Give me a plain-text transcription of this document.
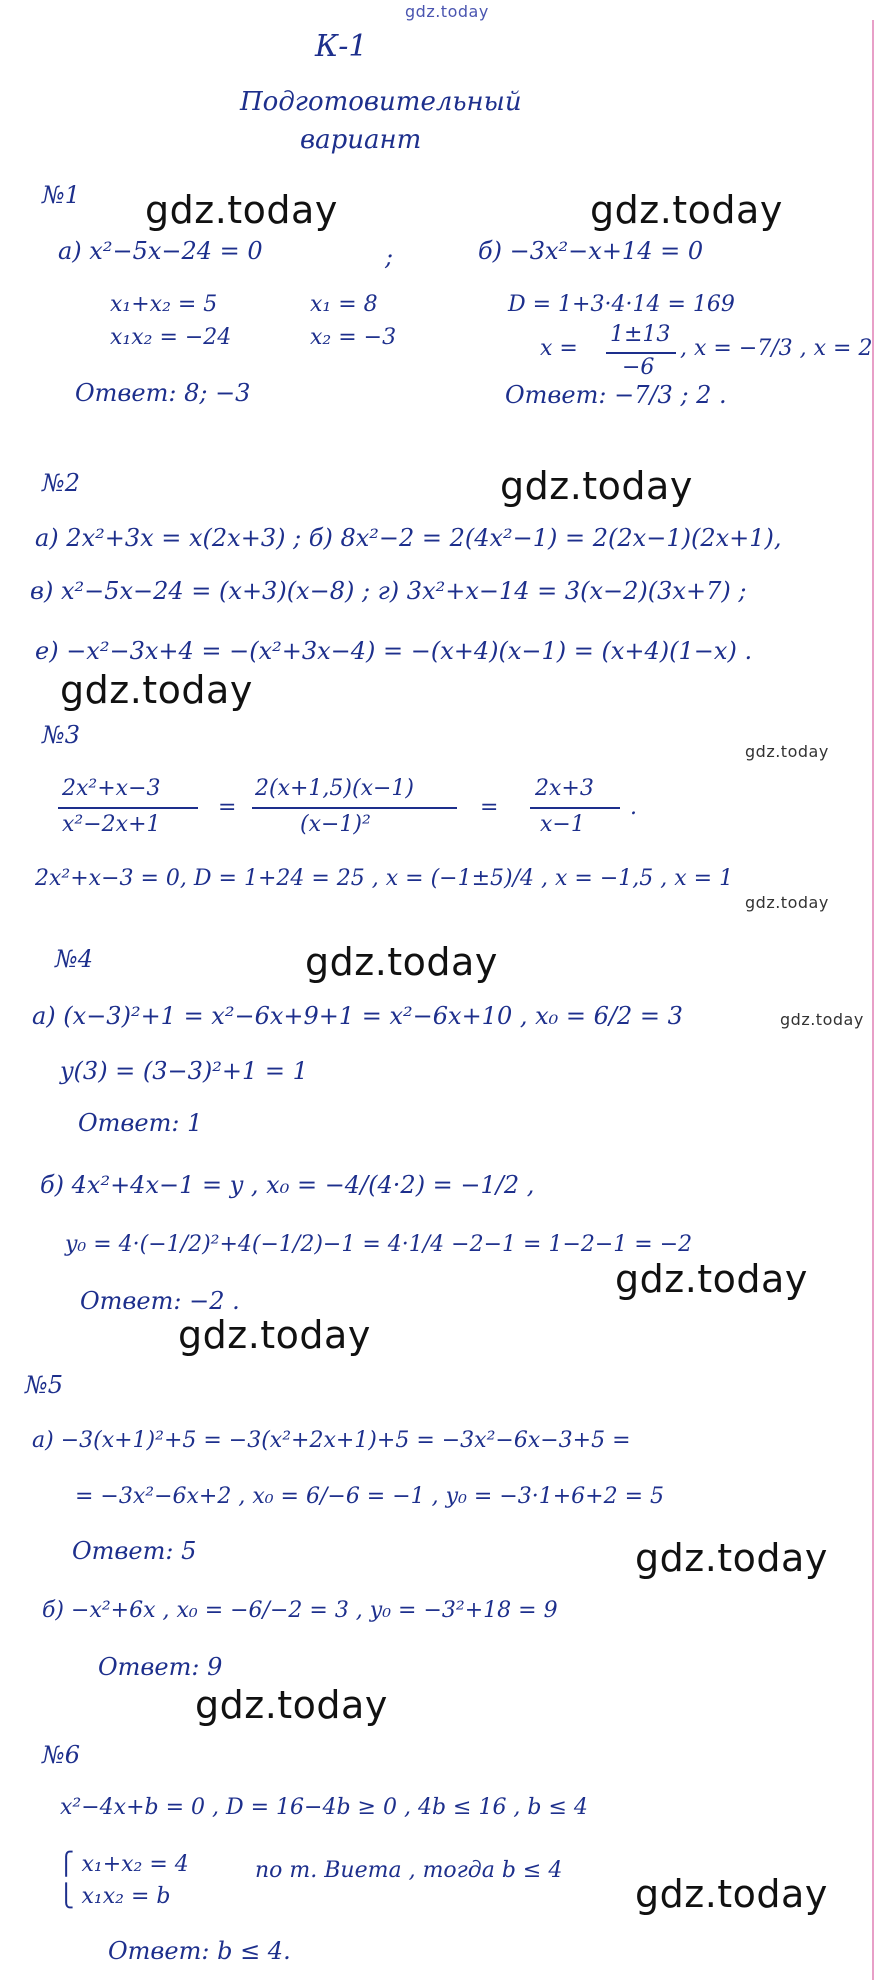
gdz.today
К-1
Подготовительный
вариант
gdz.today	gdz.today
gdz.today
gdz.today
gdz.today
gdz.today
gdz.today
gdz.today
gdz.today
gdz.today
gdz.today
gdz.today
gdz.today
№1
а) x²−5x−24 = 0	;
x₁+x₂ = 5
x₁x₂ = −24
x₁ = 8
x₂ = −3
Ответ: 8; −3
б) −3x²−x+14 = 0
D = 1+3·4·14 = 169
x =
1±13
−6
, x = −7/3 , x = 2
Ответ: −7/3 ; 2 .
№2
а) 2x²+3x = x(2x+3) ; б) 8x²−2 = 2(4x²−1) = 2(2x−1)(2x+1),
в) x²−5x−24 = (x+3)(x−8) ; г) 3x²+x−14 = 3(x−2)(3x+7) ;
е) −x²−3x+4 = −(x²+3x−4) = −(x+4)(x−1) = (x+4)(1−x) .
№3
2x²+x−3
x²−2x+1
=
2(x+1,5)(x−1)
(x−1)²
=
2x+3
x−1
.
2x²+x−3 = 0, D = 1+24 = 25 , x = (−1±5)/4 , x = −1,5 , x = 1
№4
а) (x−3)²+1 = x²−6x+9+1 = x²−6x+10 , x₀ = 6/2 = 3
y(3) = (3−3)²+1 = 1
Ответ: 1
б) 4x²+4x−1 = y , x₀ = −4/(4·2) = −1/2 ,
y₀ = 4·(−1/2)²+4(−1/2)−1 = 4·1/4 −2−1 = 1−2−1 = −2
Ответ: −2 .
№5
а) −3(x+1)²+5 = −3(x²+2x+1)+5 = −3x²−6x−3+5 =
= −3x²−6x+2 , x₀ = 6/−6 = −1 , y₀ = −3·1+6+2 = 5
Ответ: 5
б) −x²+6x , x₀ = −6/−2 = 3 , y₀ = −3²+18 = 9
Ответ: 9
№6
x²−4x+b = 0 , D = 16−4b ≥ 0 , 4b ≤ 16 , b ≤ 4
⎧ x₁+x₂ = 4
⎩ x₁x₂ = b
по т. Виета , тогда b ≤ 4
Ответ: b ≤ 4.
